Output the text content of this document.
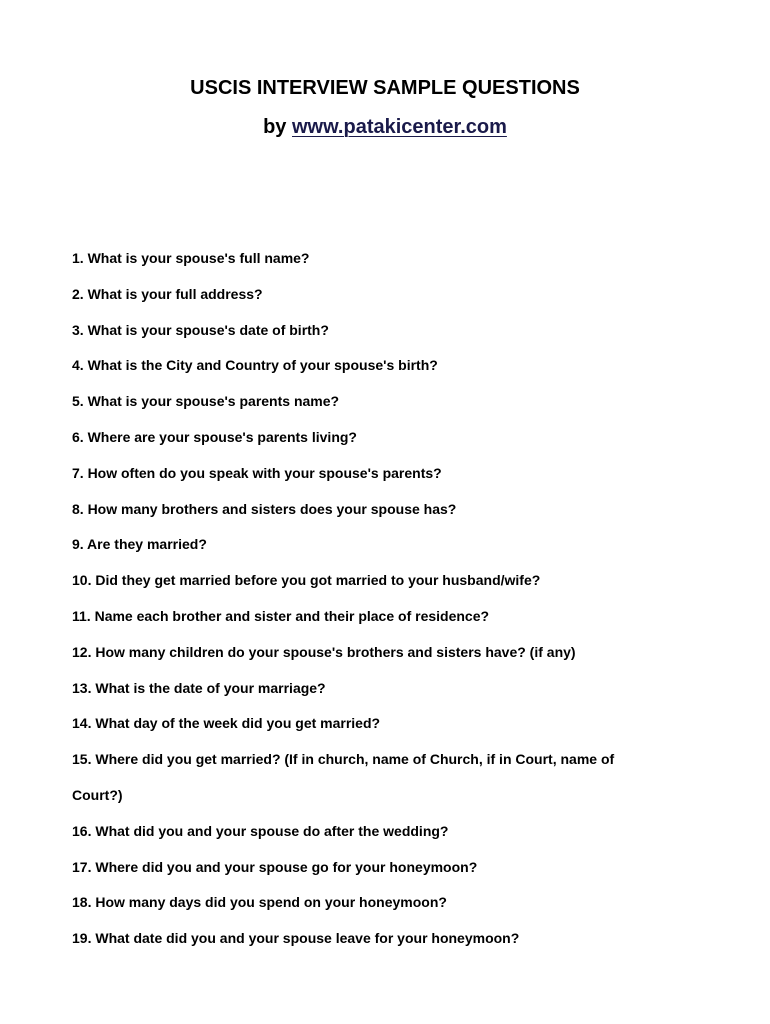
USCIS INTERVIEW SAMPLE QUESTIONS
by www.patakicenter.com
1. What is your spouse's full name?
2. What is your full address?
3. What is your spouse's date of birth?
4. What is the City and Country of your spouse's birth?
5. What is your spouse's parents name?
6. Where are your spouse's parents living?
7. How often do you speak with your spouse's parents?
8. How many brothers and sisters does your spouse has?
9. Are they married?
10. Did they get married before you got married to your husband/wife?
11. Name each brother and sister and their place of residence?
12. How many children do your spouse's brothers and sisters have? (if any)
13. What is the date of your marriage?
14. What day of the week did you get married?
15. Where did you get married? (If in church, name of Church, if in Court, name of
Court?)
16. What did you and your spouse do after the wedding?
17. Where did you and your spouse go for your honeymoon?
18. How many days did you spend on your honeymoon?
19. What date did you and your spouse leave for your honeymoon?
